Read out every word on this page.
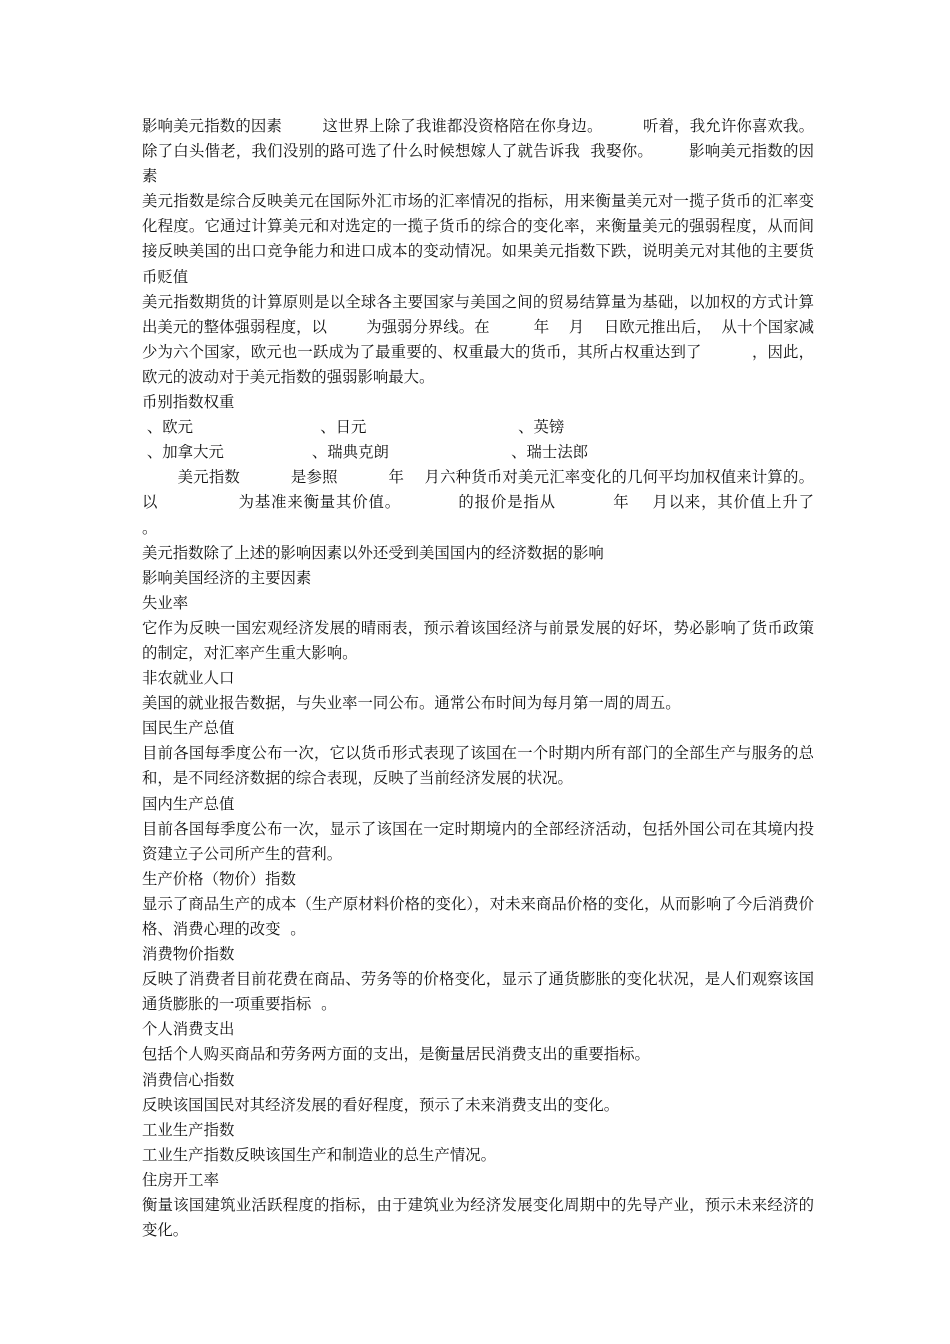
影响美元指数的因素        这世界上除了我谁都没资格陪在你身边。        听着，我允许你喜欢我。除了白头偕老，我们没别的路可选了什么时候想嫁人了就告诉我  我娶你。       影响美元指数的因素

美元指数是综合反映美元在国际外汇市场的汇率情况的指标，用来衡量美元对一揽子货币的汇率变化程度。它通过计算美元和对选定的一揽子货币的综合的变化率，来衡量美元的强弱程度，从而间接反映美国的出口竞争能力和进口成本的变动情况。如果美元指数下跌，说明美元对其他的主要货币贬值

美元指数期货的计算原则是以全球各主要国家与美国之间的贸易结算量为基础，以加权的方式计算出美元的整体强弱程度，以        为强弱分界线。在         年    月    日欧元推出后，  从十个国家减少为六个国家，欧元也一跃成为了最重要的、权重最大的货币，其所占权重达到了          ，因此，欧元的波动对于美元指数的强弱影响最大。

币别指数权重
、欧元                          、日元                               、英镑
、加拿大元                  、瑞典克朗                         、瑞士法郎

美元指数          是参照          年    月六种货币对美元汇率变化的几何平均加权值来计算的。以              为基准来衡量其价值。          的报价是指从          年    月以来，其价值上升了          。

美元指数除了上述的影响因素以外还受到美国国内的经济数据的影响
影响美国经济的主要因素
失业率

它作为反映一国宏观经济发展的晴雨表，预示着该国经济与前景发展的好坏，势必影响了货币政策的制定，对汇率产生重大影响。

非农就业人口

美国的就业报告数据，与失业率一同公布。通常公布时间为每月第一周的周五。

国民生产总值

目前各国每季度公布一次，它以货币形式表现了该国在一个时期内所有部门的全部生产与服务的总和，是不同经济数据的综合表现，反映了当前经济发展的状况。

国内生产总值

目前各国每季度公布一次，显示了该国在一定时期境内的全部经济活动，包括外国公司在其境内投资建立子公司所产生的营利。

生产价格（物价）指数

显示了商品生产的成本（生产原材料价格的变化），对未来商品价格的变化，从而影响了今后消费价格、消费心理的改变  。

消费物价指数

反映了消费者目前花费在商品、劳务等的价格变化，显示了通货膨胀的变化状况，是人们观察该国通货膨胀的一项重要指标  。

个人消费支出

包括个人购买商品和劳务两方面的支出，是衡量居民消费支出的重要指标。

消费信心指数

反映该国国民对其经济发展的看好程度，预示了未来消费支出的变化。

工业生产指数

工业生产指数反映该国生产和制造业的总生产情况。

住房开工率

衡量该国建筑业活跃程度的指标，由于建筑业为经济发展变化周期中的先导产业，预示未来经济的变化。
